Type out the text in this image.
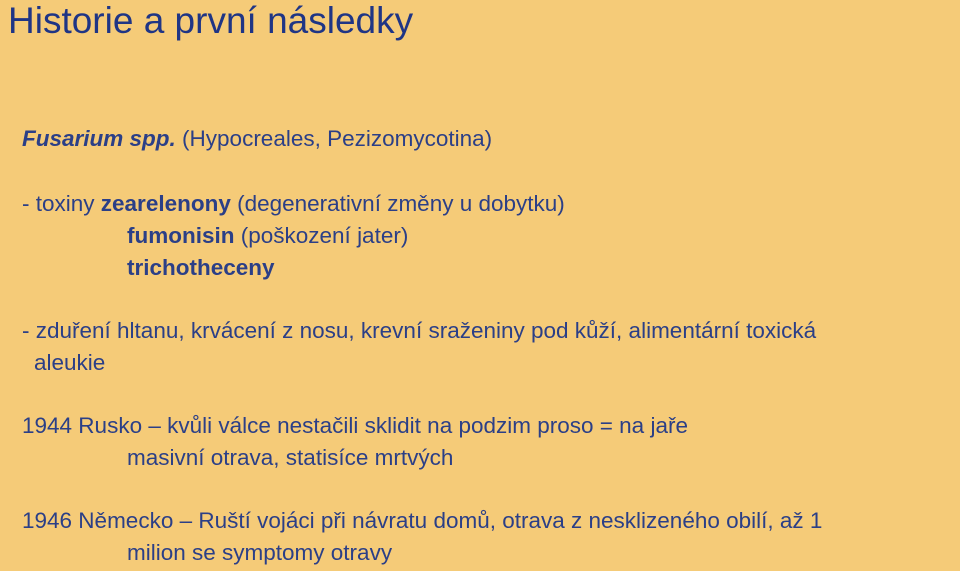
Historie a první následky
Fusarium spp. (Hypocreales, Pezizomycotina)
- toxiny zearelenony (degenerativní změny u dobytku)
fumonisin (poškození jater)
trichotheceny
- zduření hltanu, krvácení z nosu, krevní sraženiny pod kůží, alimentární toxická
aleukie
1944 Rusko – kvůli válce nestačili sklidit na podzim proso = na jaře
masivní otrava, statisíce mrtvých
1946 Německo – Ruští vojáci při návratu domů, otrava z nesklizeného obilí, až 1
milion se symptomy otravy
